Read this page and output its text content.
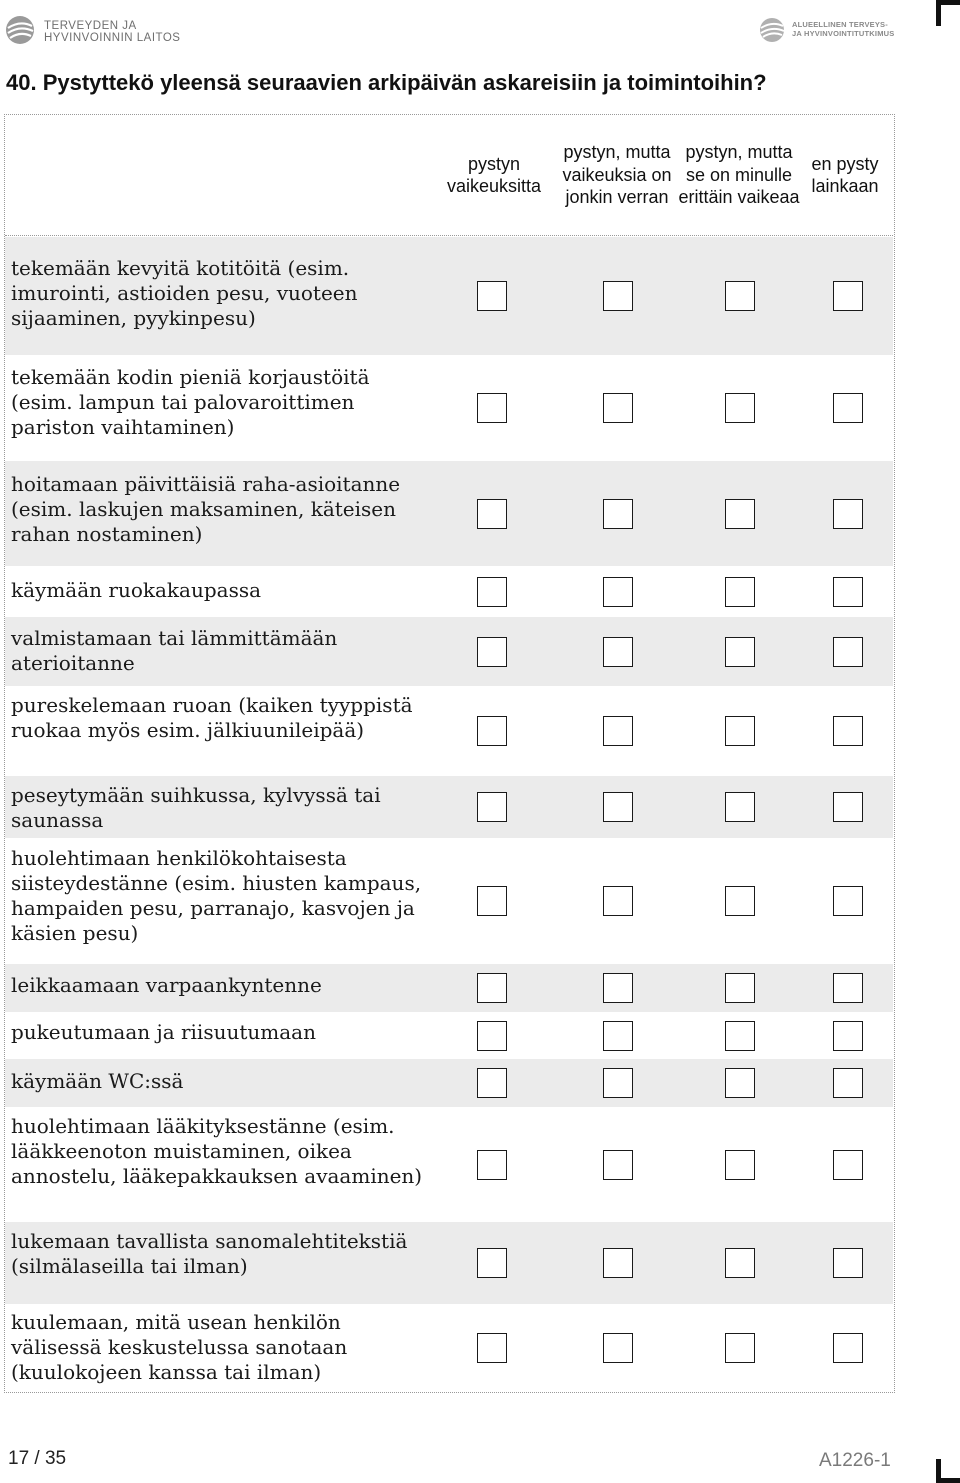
TERVEYDEN JA
HYVINVOINNIN LAITOS
ALUEELLINEN TERVEYS-
JA HYVINVOINTITUTKIMUS
40. Pystyttekö yleensä seuraavien arkipäivän askareisiin ja toimintoihin?
pystyn vaikeuksitta
pystyn, mutta vaikeuksia on jonkin verran
pystyn, mutta se on minulle erittäin vaikeaa
en pysty lainkaan
tekemään kevyitä kotitöitä (esim. imurointi, astioiden pesu, vuoteen sijaaminen, pyykinpesu)
tekemään kodin pieniä korjaustöitä (esim. lampun tai palovaroittimen pariston vaihtaminen)
hoitamaan päivittäisiä raha-asioitanne (esim. laskujen maksaminen, käteisen rahan nostaminen)
käymään ruokakaupassa
valmistamaan tai lämmittämään aterioitanne
pureskelemaan ruoan (kaiken tyyppistä ruokaa myös esim. jälkiuunileipää)
peseytymään suihkussa, kylvyssä tai saunassa
huolehtimaan henkilökohtaisesta siisteydestänne (esim. hiusten kampaus, hampaiden pesu, parranajo, kasvojen ja käsien pesu)
leikkaamaan varpaankyntenne
pukeutumaan ja riisuutumaan
käymään WC:ssä
huolehtimaan lääkityksestänne (esim. lääkkeenoton muistaminen, oikea annostelu, lääkepakkauksen avaaminen)
lukemaan tavallista sanomalehtitekstiä (silmälaseilla tai ilman)
kuulemaan, mitä usean henkilön välisessä keskustelussa sanotaan (kuulokojeen kanssa tai ilman)
17 / 35	A1226-1
